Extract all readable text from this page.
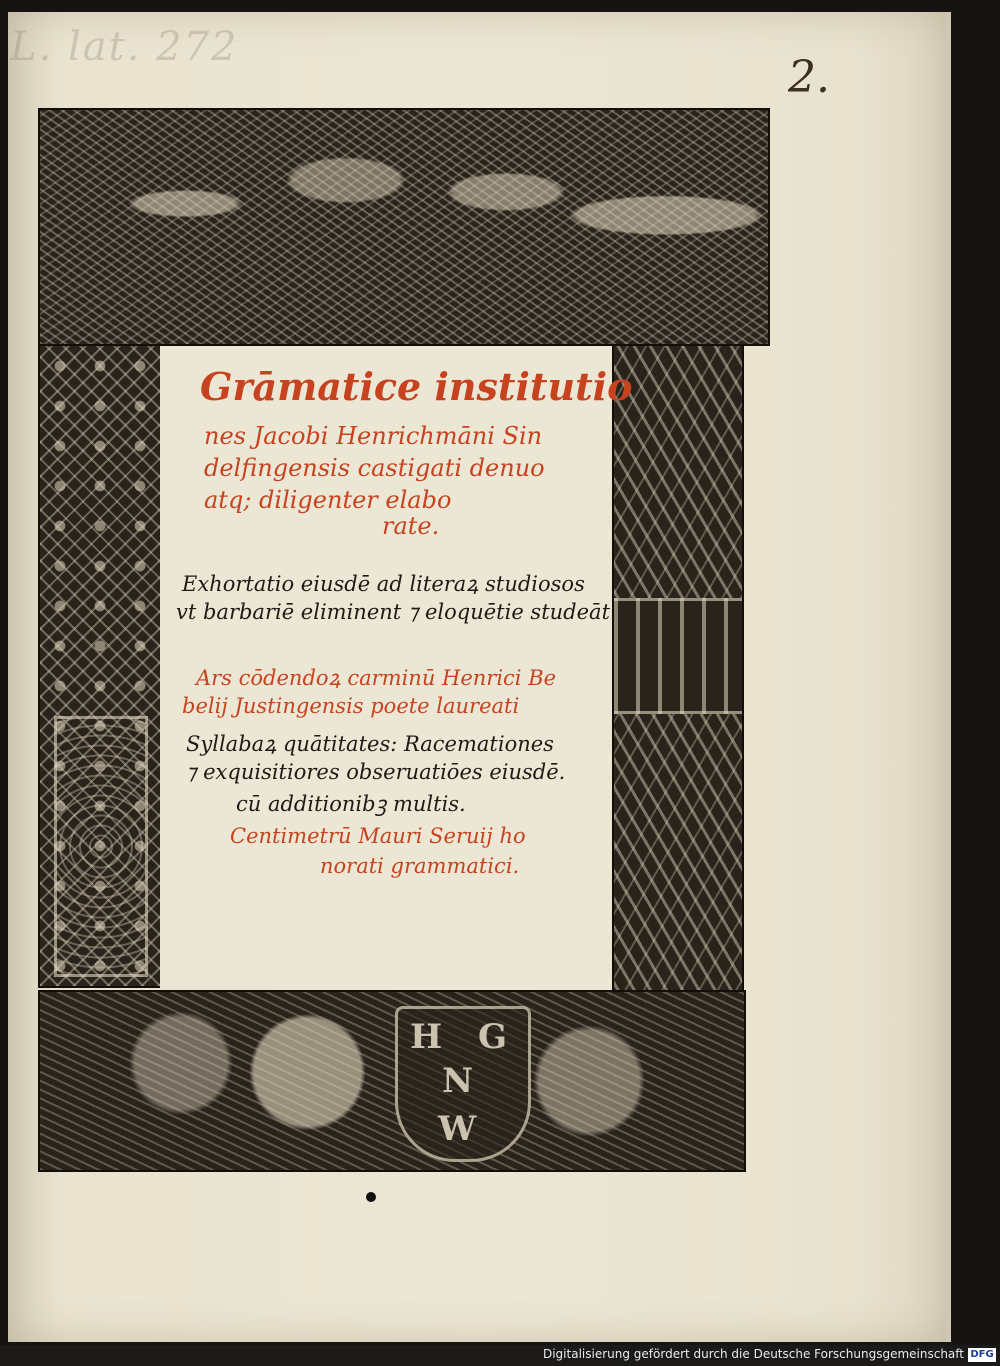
L. lat. 272
2.
H G
N
W
Grāmatice institutio
nes Jacobi Henrichmāni Sin
delfingensis castigati denuo
atq; diligenter elabo
rate.
Exhortatio eiusdē ad literaꝝ studiosos
vt barbariē eliminent ⁊ eloquētie studeāt
Ars cōdendoꝝ carminū Henrici Be
belij Justingensis poete laureati
Syllabaꝝ quātitates: Racemationes
⁊ exquisitiores obseruatiōes eiusdē.
cū additionibꝫ multis.
Centimetrū Mauri Seruij ho
norati grammatici.
Digitalisierung gefördert durch die Deutsche Forschungsgemeinschaft DFG
